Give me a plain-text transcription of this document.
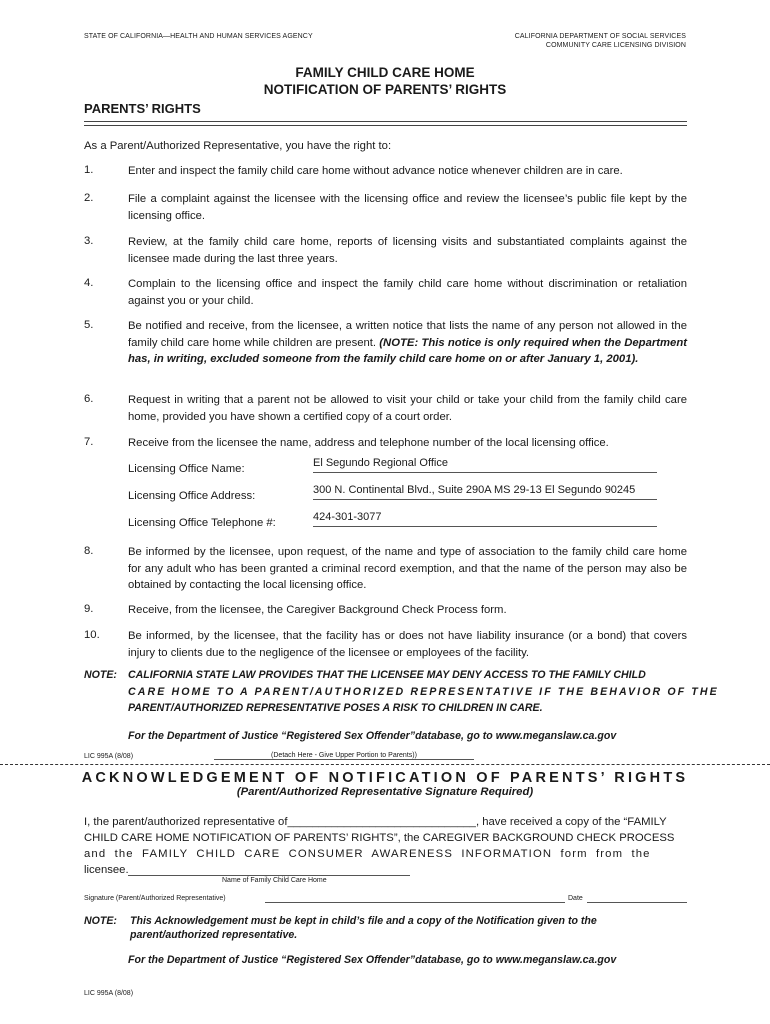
STATE OF CALIFORNIA—HEALTH AND HUMAN SERVICES AGENCY	CALIFORNIA DEPARTMENT OF SOCIAL SERVICES
COMMUNITY CARE LICENSING DIVISION
FAMILY CHILD CARE HOME
NOTIFICATION OF PARENTS’ RIGHTS
PARENTS’ RIGHTS
As a Parent/Authorized Representative, you have the right to:
1.	Enter and inspect the family child care home without advance notice whenever children are in care.
2.	File a complaint against the licensee with the licensing office and review the licensee’s public file kept by the licensing office.
3.	Review, at the family child care home, reports of licensing visits and substantiated complaints against the licensee made during the last three years.
4.	Complain to the licensing office and inspect the family child care home without discrimination or retaliation against you or your child.
5.	Be notified and receive, from the licensee, a written notice that lists the name of any person not allowed in the family child care home while children are present. (NOTE: This notice is only required when the Department has, in writing, excluded someone from the family child care home on or after January 1, 2001).
6.	Request in writing that a parent not be allowed to visit your child or take your child from the family child care home, provided you have shown a certified copy of a court order.
7.	Receive from the licensee the name, address and telephone number of the local licensing office.
Licensing Office Name:	El Segundo Regional Office
Licensing Office Address:	300 N. Continental Blvd., Suite 290A MS 29-13 El Segundo 90245
Licensing Office Telephone #:	424-301-3077
8.	Be informed by the licensee, upon request, of the name and type of association to the family child care home for any adult who has been granted a criminal record exemption, and that the name of the person may also be obtained by contacting the local licensing office.
9.	Receive, from the licensee, the Caregiver Background Check Process form.
10.	Be informed, by the licensee, that the facility has or does not have liability insurance (or a bond) that covers injury to clients due to the negligence of the licensee or employees of the facility.
NOTE: CALIFORNIA STATE LAW PROVIDES THAT THE LICENSEE MAY DENY ACCESS TO THE FAMILY CHILD
CARE HOME TO A PARENT/AUTHORIZED REPRESENTATIVE IF THE BEHAVIOR OF THE
PARENT/AUTHORIZED REPRESENTATIVE POSES A RISK TO CHILDREN IN CARE.
For the Department of Justice “Registered Sex Offender”database, go to www.meganslaw.ca.gov
LIC 995A (8/08)	(Detach Here - Give Upper Portion to Parents))
ACKNOWLEDGEMENT OF NOTIFICATION OF PARENTS’ RIGHTS
(Parent/Authorized Representative Signature Required)
I, the parent/authorized representative of______________________________, have received a copy of the “FAMILY
CHILD CARE HOME NOTIFICATION OF PARENTS’ RIGHTS”, the CAREGIVER BACKGROUND CHECK PROCESS
and the FAMILY CHILD CARE CONSUMER AWARENESS INFORMATION form from the
licensee.
Name of Family Child Care Home
Signature (Parent/Authorized Representative)	Date
NOTE: This Acknowledgement must be kept in child’s file and a copy of the Notification given to the
parent/authorized representative.
For the Department of Justice “Registered Sex Offender”database, go to www.meganslaw.ca.gov
LIC 995A (8/08)
